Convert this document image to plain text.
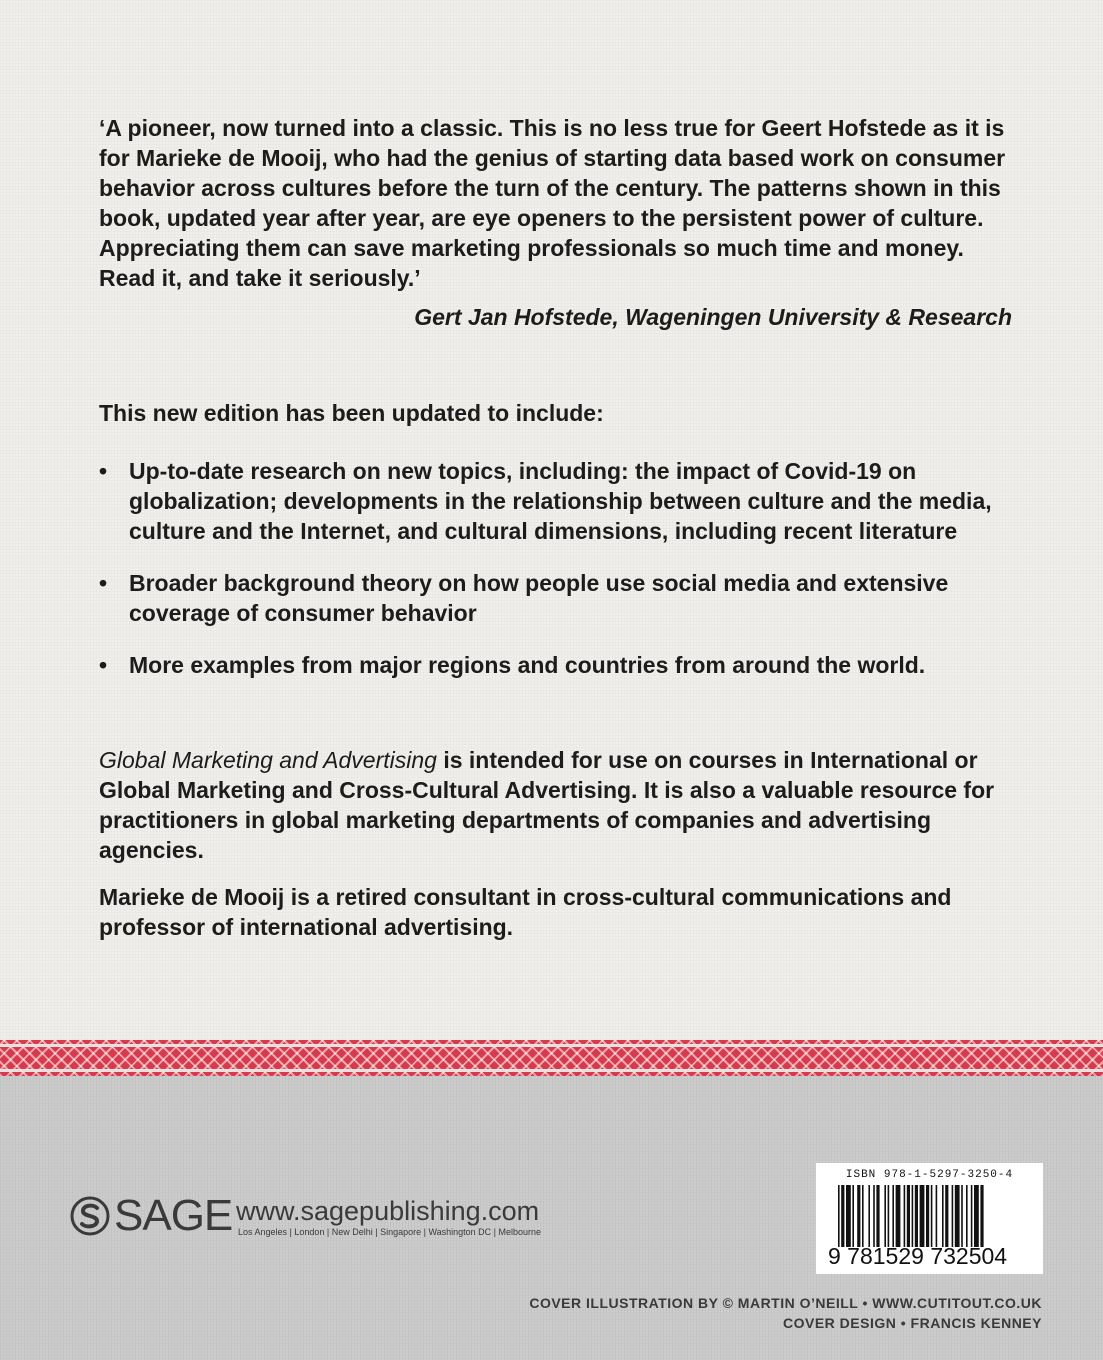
‘A pioneer, now turned into a classic. This is no less true for Geert Hofstede as it is for Marieke de Mooij, who had the genius of starting data based work on consumer behavior across cultures before the turn of the century. The patterns shown in this book, updated year after year, are eye openers to the persistent power of culture. Appreciating them can save marketing professionals so much time and money. Read it, and take it seriously.’

Gert Jan Hofstede, Wageningen University & Research

This new edition has been updated to include:

• Up-to-date research on new topics, including: the impact of Covid-19 on globalization; developments in the relationship between culture and the media, culture and the Internet, and cultural dimensions, including recent literature
• Broader background theory on how people use social media and extensive coverage of consumer behavior
• More examples from major regions and countries from around the world.

Global Marketing and Advertising is intended for use on courses in International or Global Marketing and Cross-Cultural Advertising. It is also a valuable resource for practitioners in global marketing departments of companies and advertising agencies.

Marieke de Mooij is a retired consultant in cross-cultural communications and professor of international advertising.

SAGE www.sagepublishing.com
Los Angeles | London | New Delhi | Singapore | Washington DC | Melbourne
ISBN 978-1-5297-3250-4
9 781529 732504
COVER ILLUSTRATION BY © MARTIN O’NEILL • WWW.CUTITOUT.CO.UK
COVER DESIGN • FRANCIS KENNEY
